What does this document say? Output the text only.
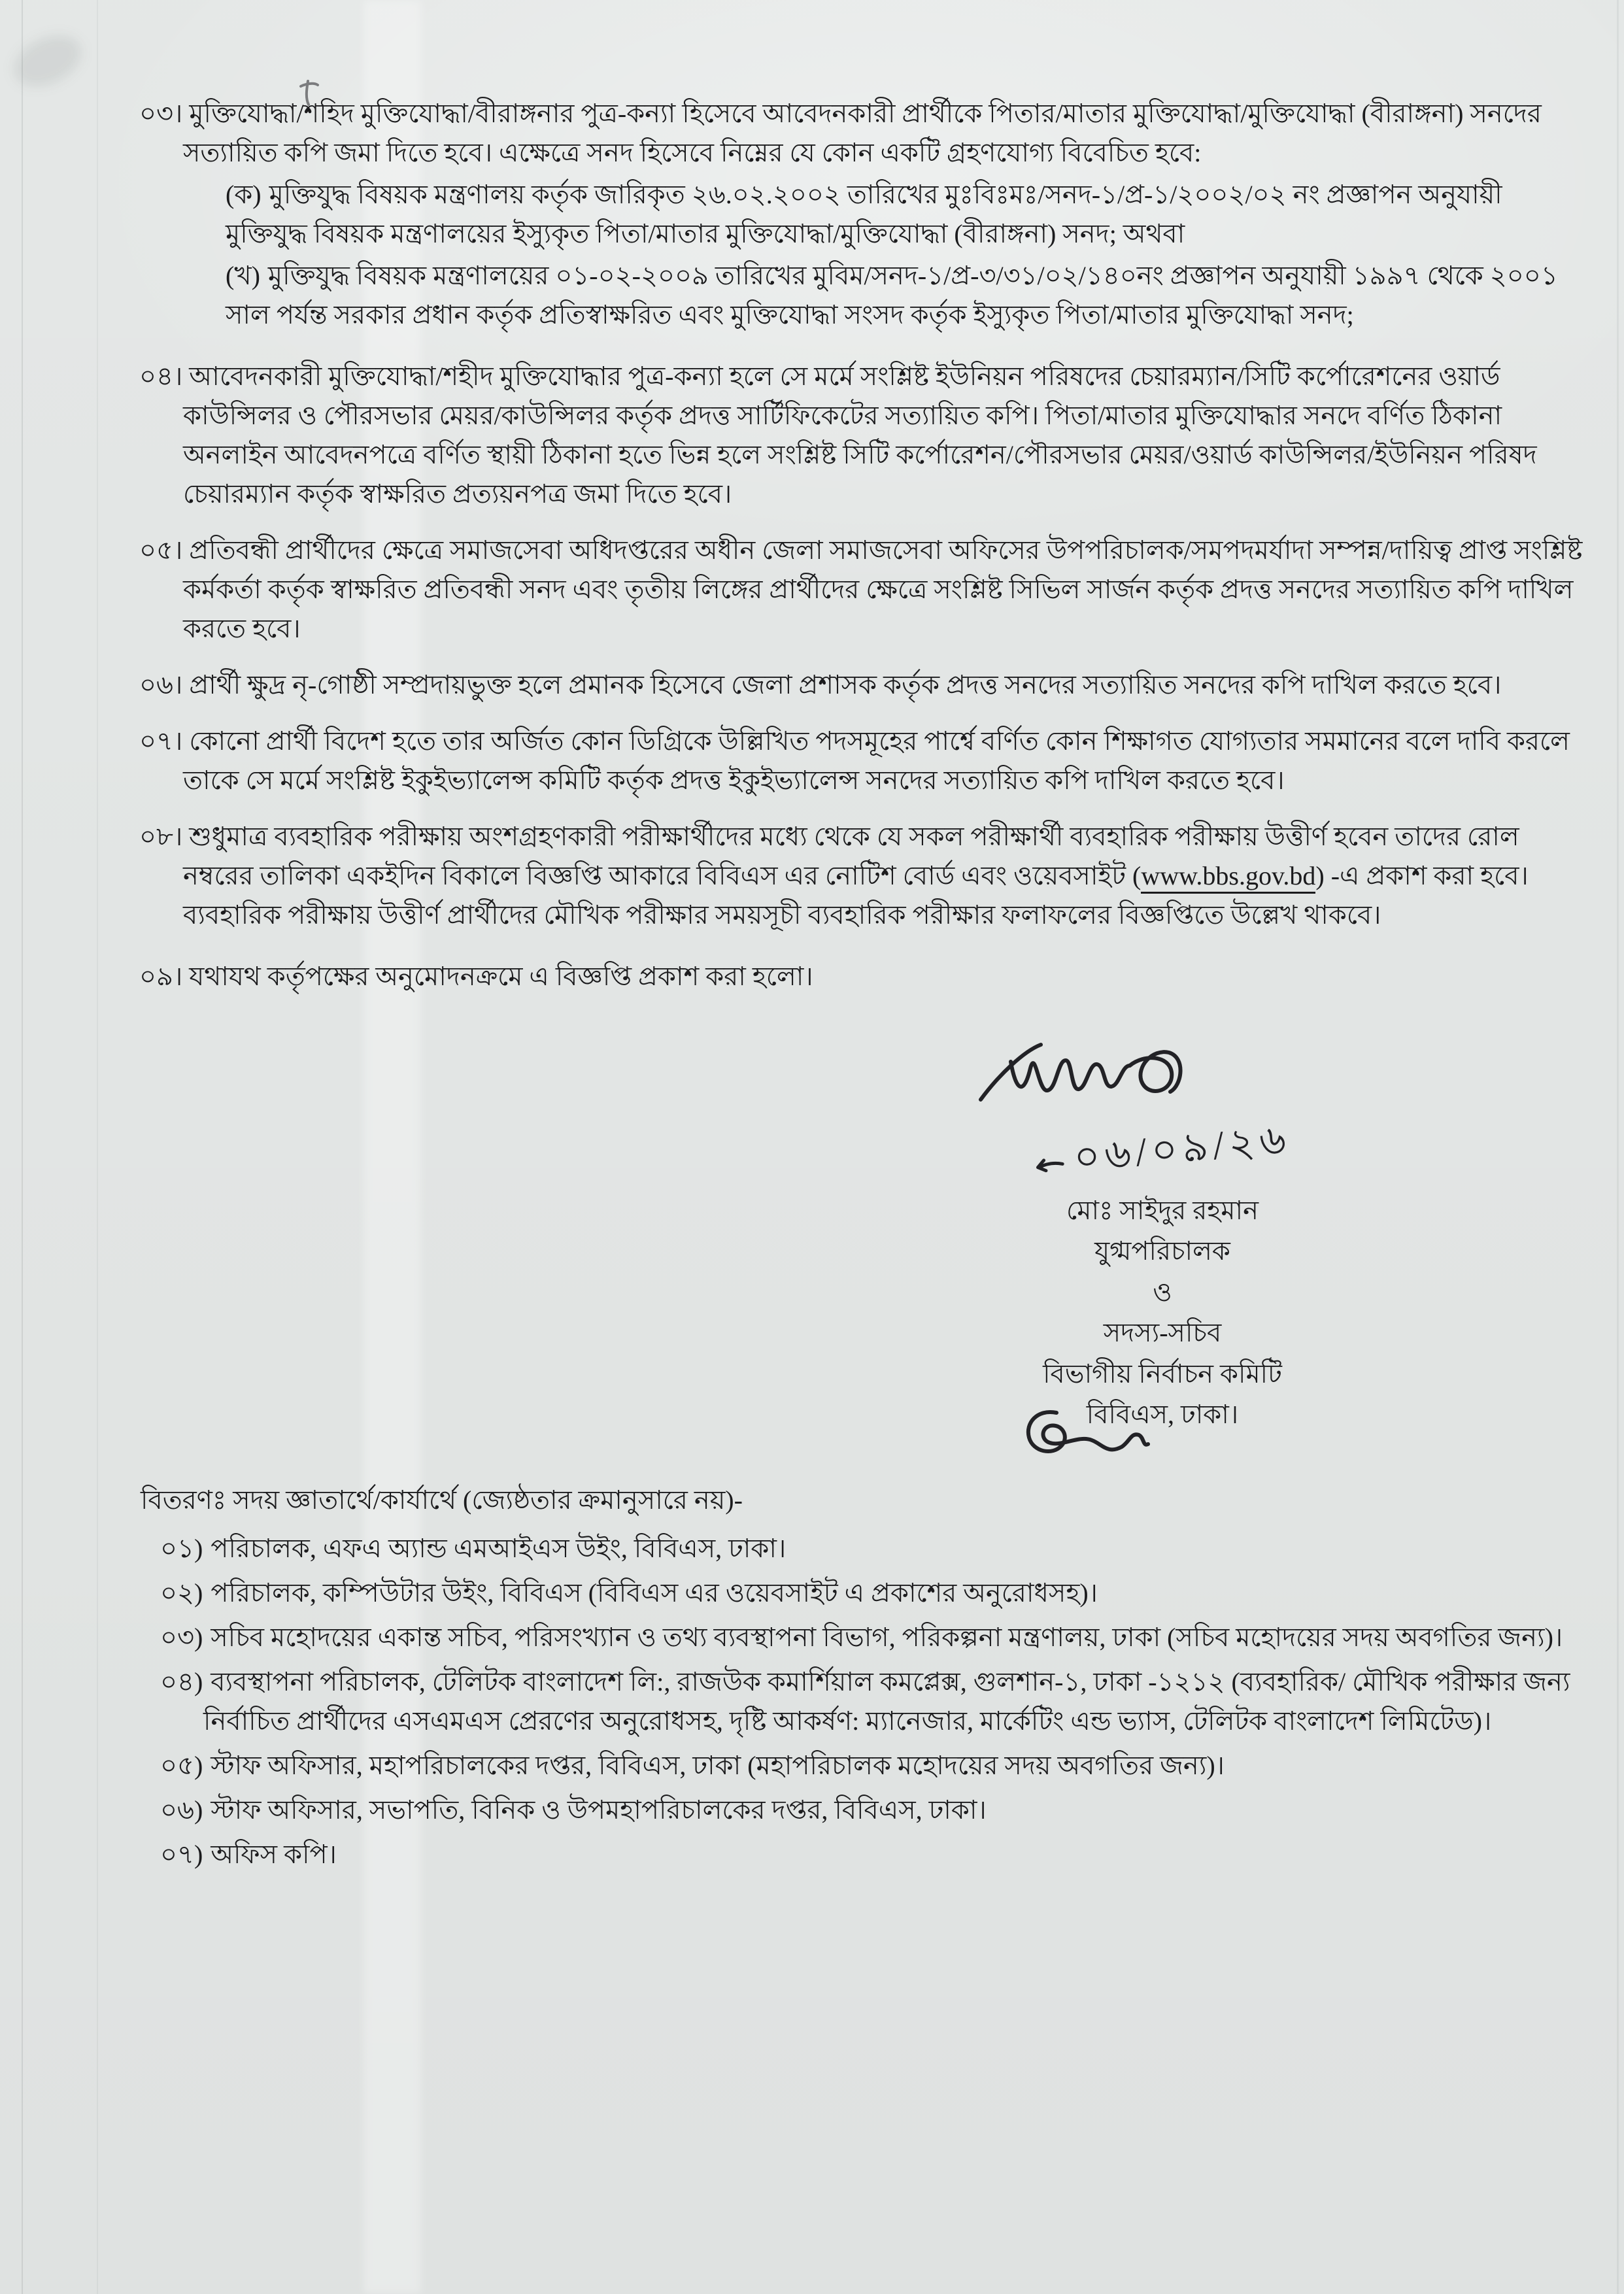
০৩। মুক্তিযোদ্ধা/শহিদ মুক্তিযোদ্ধা/বীরাঙ্গনার পুত্র-কন্যা হিসেবে আবেদনকারী প্রার্থীকে পিতার/মাতার মুক্তিযোদ্ধা/মুক্তিযোদ্ধা (বীরাঙ্গনা) সনদের সত্যায়িত কপি জমা দিতে হবে। এক্ষেত্রে সনদ হিসেবে নিম্নের যে কোন একটি গ্রহণযোগ্য বিবেচিত হবে:
(ক) মুক্তিযুদ্ধ বিষয়ক মন্ত্রণালয় কর্তৃক জারিকৃত ২৬.০২.২০০২ তারিখের মুঃবিঃমঃ/সনদ-১/প্র-১/২০০২/০২ নং প্রজ্ঞাপন অনুযায়ী মুক্তিযুদ্ধ বিষয়ক মন্ত্রণালয়ের ইস্যুকৃত পিতা/মাতার মুক্তিযোদ্ধা/মুক্তিযোদ্ধা (বীরাঙ্গনা) সনদ; অথবা
(খ) মুক্তিযুদ্ধ বিষয়ক মন্ত্রণালয়ের ০১-০২-২০০৯ তারিখের মুবিম/সনদ-১/প্র-৩/৩১/০২/১৪০নং প্রজ্ঞাপন অনুযায়ী ১৯৯৭ থেকে ২০০১ সাল পর্যন্ত সরকার প্রধান কর্তৃক প্রতিস্বাক্ষরিত এবং মুক্তিযোদ্ধা সংসদ কর্তৃক ইস্যুকৃত পিতা/মাতার মুক্তিযোদ্ধা সনদ;
০৪। আবেদনকারী মুক্তিযোদ্ধা/শহীদ মুক্তিযোদ্ধার পুত্র-কন্যা হলে সে মর্মে সংশ্লিষ্ট ইউনিয়ন পরিষদের চেয়ারম্যান/সিটি কর্পোরেশনের ওয়ার্ড কাউন্সিলর ও পৌরসভার মেয়র/কাউন্সিলর কর্তৃক প্রদত্ত সার্টিফিকেটের সত্যায়িত কপি। পিতা/মাতার মুক্তিযোদ্ধার সনদে বর্ণিত ঠিকানা অনলাইন আবেদনপত্রে বর্ণিত স্থায়ী ঠিকানা হতে ভিন্ন হলে সংশ্লিষ্ট সিটি কর্পোরেশন/পৌরসভার মেয়র/ওয়ার্ড কাউন্সিলর/ইউনিয়ন পরিষদ চেয়ারম্যান কর্তৃক স্বাক্ষরিত প্রত্যয়নপত্র জমা দিতে হবে।
০৫। প্রতিবন্ধী প্রার্থীদের ক্ষেত্রে সমাজসেবা অধিদপ্তরের অধীন জেলা সমাজসেবা অফিসের উপপরিচালক/সমপদমর্যাদা সম্পন্ন/দায়িত্ব প্রাপ্ত সংশ্লিষ্ট কর্মকর্তা কর্তৃক স্বাক্ষরিত প্রতিবন্ধী সনদ এবং তৃতীয় লিঙ্গের প্রার্থীদের ক্ষেত্রে সংশ্লিষ্ট সিভিল সার্জন কর্তৃক প্রদত্ত সনদের সত্যায়িত কপি দাখিল করতে হবে।
০৬। প্রার্থী ক্ষুদ্র নৃ-গোষ্ঠী সম্প্রদায়ভুক্ত হলে প্রমানক হিসেবে জেলা প্রশাসক কর্তৃক প্রদত্ত সনদের সত্যায়িত সনদের কপি দাখিল করতে হবে।
০৭। কোনো প্রার্থী বিদেশ হতে তার অর্জিত কোন ডিগ্রিকে উল্লিখিত পদসমূহের পার্শ্বে বর্ণিত কোন শিক্ষাগত যোগ্যতার সমমানের বলে দাবি করলে তাকে সে মর্মে সংশ্লিষ্ট ইকুইভ্যালেন্স কমিটি কর্তৃক প্রদত্ত ইকুইভ্যালেন্স সনদের সত্যায়িত কপি দাখিল করতে হবে।
০৮। শুধুমাত্র ব্যবহারিক পরীক্ষায় অংশগ্রহণকারী পরীক্ষার্থীদের মধ্যে থেকে যে সকল পরীক্ষার্থী ব্যবহারিক পরীক্ষায় উত্তীর্ণ হবেন তাদের রোল নম্বরের তালিকা একইদিন বিকালে বিজ্ঞপ্তি আকারে বিবিএস এর নোটিশ বোর্ড এবং ওয়েবসাইট (www.bbs.gov.bd) -এ প্রকাশ করা হবে। ব্যবহারিক পরীক্ষায় উত্তীর্ণ প্রার্থীদের মৌখিক পরীক্ষার সময়সূচী ব্যবহারিক পরীক্ষার ফলাফলের বিজ্ঞপ্তিতে উল্লেখ থাকবে।
০৯। যথাযথ কর্তৃপক্ষের অনুমোদনক্রমে এ বিজ্ঞপ্তি প্রকাশ করা হলো।
০৬/০৯/২৬
মোঃ সাইদুর রহমান
যুগ্মপরিচালক
ও
সদস্য-সচিব
বিভাগীয় নির্বাচন কমিটি
বিবিএস, ঢাকা।
বিতরণঃ সদয় জ্ঞাতার্থে/কার্যার্থে (জ্যেষ্ঠতার ক্রমানুসারে নয়)-
০১) পরিচালক, এফএ অ্যান্ড এমআইএস উইং, বিবিএস, ঢাকা।
০২) পরিচালক, কম্পিউটার উইং, বিবিএস (বিবিএস এর ওয়েবসাইট এ প্রকাশের অনুরোধসহ)।
০৩) সচিব মহোদয়ের একান্ত সচিব, পরিসংখ্যান ও তথ্য ব্যবস্থাপনা বিভাগ, পরিকল্পনা মন্ত্রণালয়, ঢাকা (সচিব মহোদয়ের সদয় অবগতির জন্য)।
০৪) ব্যবস্থাপনা পরিচালক, টেলিটক বাংলাদেশ লি:, রাজউক কমার্শিয়াল কমপ্লেক্স, গুলশান-১, ঢাকা -১২১২ (ব্যবহারিক/ মৌখিক পরীক্ষার জন্য নির্বাচিত প্রার্থীদের এসএমএস প্রেরণের অনুরোধসহ, দৃষ্টি আকর্ষণ: ম্যানেজার, মার্কেটিং এন্ড ভ্যাস, টেলিটক বাংলাদেশ লিমিটেড)।
০৫) স্টাফ অফিসার, মহাপরিচালকের দপ্তর, বিবিএস, ঢাকা (মহাপরিচালক মহোদয়ের সদয় অবগতির জন্য)।
০৬) স্টাফ অফিসার, সভাপতি, বিনিক ও উপমহাপরিচালকের দপ্তর, বিবিএস, ঢাকা।
০৭) অফিস কপি।
